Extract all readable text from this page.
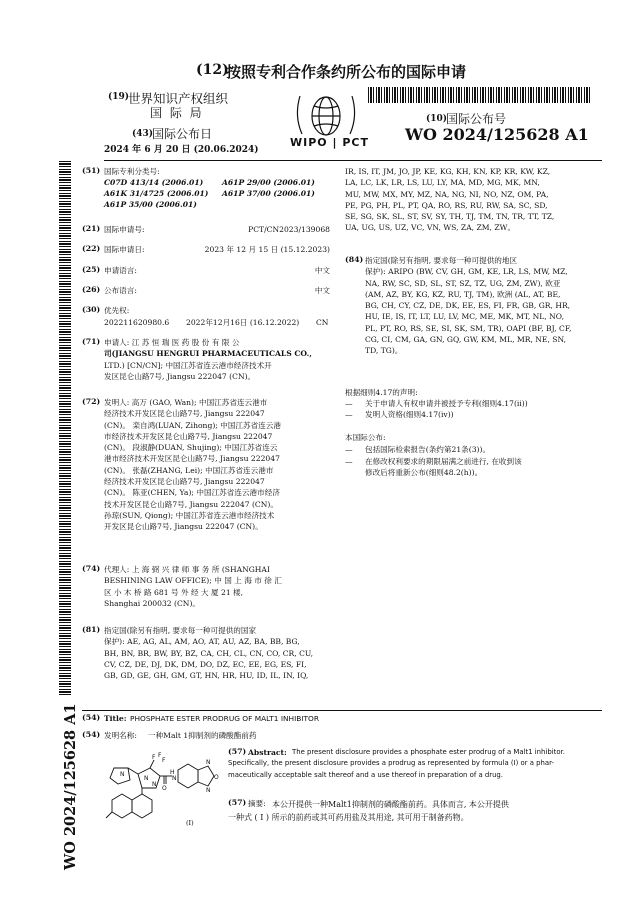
(12)
按照专利合作条约所公布的国际申请
(19)
世界知识产权组织
国 际 局
(43)
国际公布日
2024 年 6 月 20 日 (20.06.2024)
WIPO | PCT
(10)
国际公布号
WO 2024/125628 A1
WO 2024/125628 A1
(51) 国际专利分类号:
C07D 413/14 (2006.01) A61P 29/00 (2006.01)
A61K 31/4725 (2006.01) A61P 37/00 (2006.01)
A61P 35/00 (2006.01)
(21) 国际申请号:	PCT/CN2023/139068
(22) 国际申请日:	2023 年 12 月 15 日 (15.12.2023)
(25) 申请语言:	中文
(26) 公布语言:	中文
(30) 优先权:
202211620980.6 2022年12月16日 (16.12.2022) CN
(71) 申请人: 江 苏 恒 瑞 医 药 股 份 有 限 公
司(JIANGSU HENGRUI PHARMACEUTICALS CO.,
LTD.) [CN/CN]; 中国江苏省连云港市经济技术开
发区昆仑山路7号, Jiangsu 222047 (CN)。
(72) 发明人: 高万 (GAO, Wan); 中国江苏省连云港市
经济技术开发区昆仑山路7号, Jiangsu 222047
(CN)。 栾自鸿(LUAN, Zihong); 中国江苏省连云港
市经济技术开发区昆仑山路7号, Jiangsu 222047
(CN)。 段淑静(DUAN, Shujing); 中国江苏省连云
港市经济技术开发区昆仑山路7号, Jiangsu 222047
(CN)。 张磊(ZHANG, Lei); 中国江苏省连云港市
经济技术开发区昆仑山路7号, Jiangsu 222047
(CN)。 陈亚(CHEN, Ya); 中国江苏省连云港市经济
技术开发区昆仑山路7号, Jiangsu 222047 (CN)。
孙琼(SUN, Qiong); 中国江苏省连云港市经济技术
开发区昆仑山路7号, Jiangsu 222047 (CN)。
(74) 代理人: 上 海 弼 兴 律 师 事 务 所 (SHANGHAI
BESHINING LAW OFFICE); 中 国 上 海 市 徐 汇
区 小 木 桥 路 681 号 外 经 大 厦 21 楼,
Shanghai 200032 (CN)。
(81) 指定国(除另有指明, 要求每一种可提供的国家
保护): AE, AG, AL, AM, AO, AT, AU, AZ, BA, BB, BG,
BH, BN, BR, BW, BY, BZ, CA, CH, CL, CN, CO, CR, CU,
CV, CZ, DE, DJ, DK, DM, DO, DZ, EC, EE, EG, ES, FI,
GB, GD, GE, GH, GM, GT, HN, HR, HU, ID, IL, IN, IQ,
IR, IS, IT, JM, JO, JP, KE, KG, KH, KN, KP, KR, KW, KZ,
LA, LC, LK, LR, LS, LU, LY, MA, MD, MG, MK, MN,
MU, MW, MX, MY, MZ, NA, NG, NI, NO, NZ, OM, PA,
PE, PG, PH, PL, PT, QA, RO, RS, RU, RW, SA, SC, SD,
SE, SG, SK, SL, ST, SV, SY, TH, TJ, TM, TN, TR, TT, TZ,
UA, UG, US, UZ, VC, VN, WS, ZA, ZM, ZW。
(84) 指定国(除另有指明, 要求每一种可提供的地区
保护): ARIPO (BW, CV, GH, GM, KE, LR, LS, MW, MZ,
NA, RW, SC, SD, SL, ST, SZ, TZ, UG, ZM, ZW), 欧亚
(AM, AZ, BY, KG, KZ, RU, TJ, TM), 欧洲 (AL, AT, BE,
BG, CH, CY, CZ, DE, DK, EE, ES, FI, FR, GB, GR, HR,
HU, IE, IS, IT, LT, LU, LV, MC, ME, MK, MT, NL, NO,
PL, PT, RO, RS, SE, SI, SK, SM, TR), OAPI (BF, BJ, CF,
CG, CI, CM, GA, GN, GQ, GW, KM, ML, MR, NE, SN,
TD, TG)。
根据细则4.17的声明:
— 关于申请人有权申请并被授予专利(细则4.17(ii))
— 发明人资格(细则4.17(iv))
本国际公布:
— 包括国际检索报告(条约第21条(3))。
— 在修改权利要求的期限届满之前进行, 在收到该
修改后将重新公布(细则48.2(h))。
(54) Title: PHOSPHATE ESTER PRODRUG OF MALT1 INHIBITOR
(54) 发明名称: 一种Malt 1抑制剂的磷酸酯前药
F F
F
N
N
N
O
H
N
N
O
N
(I)
(57) Abstract: The present disclosure provides a phosphate ester prodrug of a Malt1 inhibitor.
Specifically, the present disclosure provides a prodrug as represented by formula (I) or a phar-
maceutically acceptable salt thereof and a use thereof in preparation of a drug.
(57) 摘要: 本公开提供一种Malt1抑制剂的磷酸酯前药。具体而言, 本公开提供
一种式 ( I ) 所示的前药或其可药用盐及其用途, 其可用于制备药物。
